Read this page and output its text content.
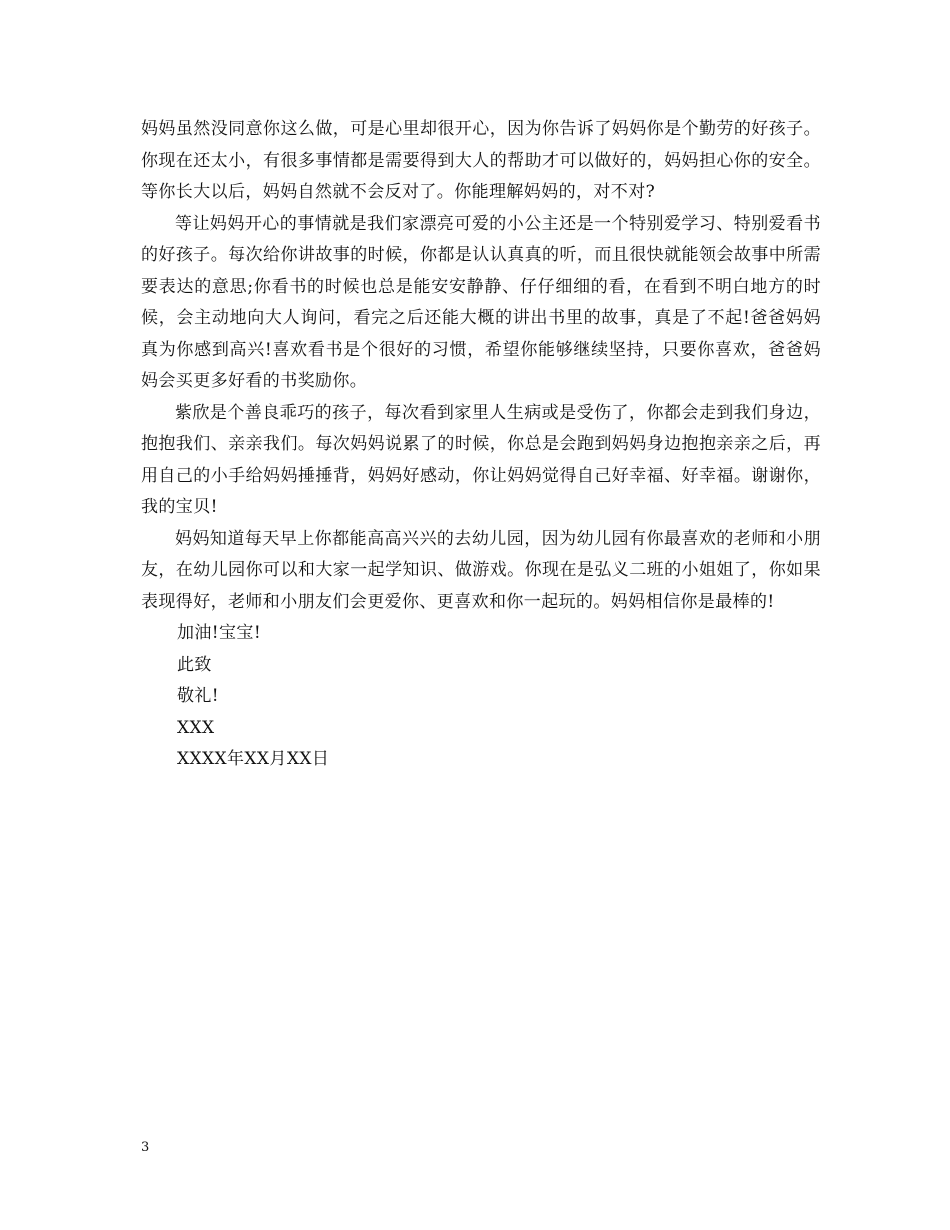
妈妈虽然没同意你这么做，可是心里却很开心，因为你告诉了妈妈你是个勤劳的好孩子。你现在还太小，有很多事情都是需要得到大人的帮助才可以做好的，妈妈担心你的安全。等你长大以后，妈妈自然就不会反对了。你能理解妈妈的，对不对?

等让妈妈开心的事情就是我们家漂亮可爱的小公主还是一个特别爱学习、特别爱看书的好孩子。每次给你讲故事的时候，你都是认认真真的听，而且很快就能领会故事中所需要表达的意思;你看书的时候也总是能安安静静、仔仔细细的看，在看到不明白地方的时候，会主动地向大人询问，看完之后还能大概的讲出书里的故事，真是了不起!爸爸妈妈真为你感到高兴!喜欢看书是个很好的习惯，希望你能够继续坚持，只要你喜欢，爸爸妈妈会买更多好看的书奖励你。

紫欣是个善良乖巧的孩子，每次看到家里人生病或是受伤了，你都会走到我们身边，抱抱我们、亲亲我们。每次妈妈说累了的时候，你总是会跑到妈妈身边抱抱亲亲之后，再用自己的小手给妈妈捶捶背，妈妈好感动，你让妈妈觉得自己好幸福、好幸福。谢谢你，我的宝贝!

妈妈知道每天早上你都能高高兴兴的去幼儿园，因为幼儿园有你最喜欢的老师和小朋友，在幼儿园你可以和大家一起学知识、做游戏。你现在是弘义二班的小姐姐了，你如果表现得好，老师和小朋友们会更爱你、更喜欢和你一起玩的。妈妈相信你是最棒的!

加油!宝宝!

此致

敬礼!

XXX

XXXX年XX月XX日

3
